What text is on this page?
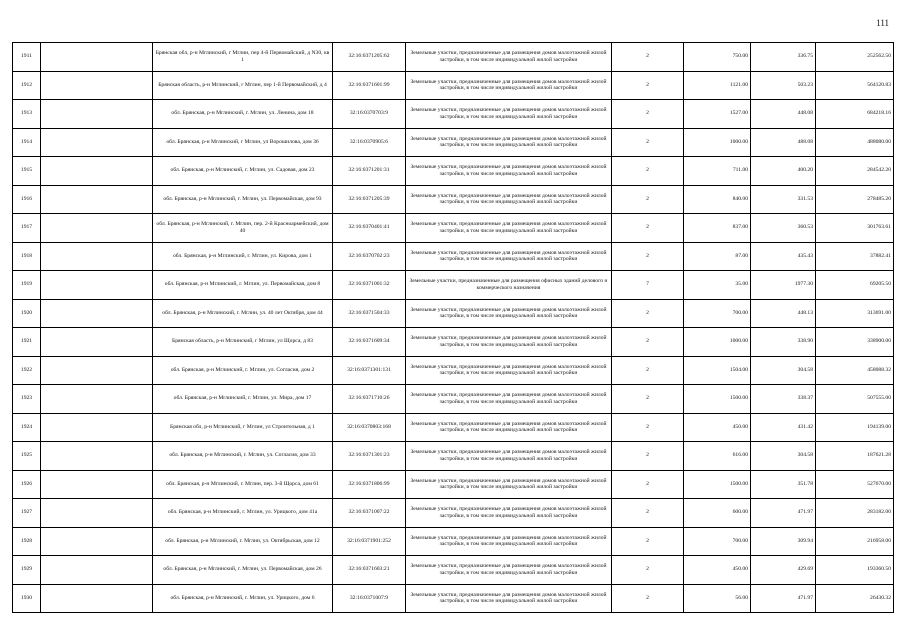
111
1911		Брянская обл, р-н Мглинский, г Мглин, пер 4-й Первомайский, д N30, кв 1	32:16:0371205:62	Земельные участки, предназначенные для размещения домов малоэтажной жилой застройки, в том числе индивидуальной жилой застройки	2	750.00	336.75	252562.50
1912		Брянская область, р-н Мглинский, г Мглин, пер 1-й Первомайский, д 4	32:16:0371601:99	Земельные участки, предназначенные для размещения домов малоэтажной жилой застройки, в том числе индивидуальной жилой застройки	2	1121.00	503.23	564120.83
1913		обл. Брянская, р-н Мглинский, г. Мглин, ул. Ленина, дом 18	32:16:0370703:9	Земельные участки, предназначенные для размещения домов малоэтажной жилой застройки, в том числе индивидуальной жилой застройки	2	1527.00	448.08	684218.16
1914		обл. Брянская, р-н Мглинский, г Мглин, ул Ворошилова, дом 36	32:16:0370905:6	Земельные участки, предназначенные для размещения домов малоэтажной жилой застройки, в том числе индивидуальной жилой застройки	2	1000.00	488.08	488080.00
1915		обл. Брянская, р-н Мглинский, г. Мглин, ул. Садовая, дом 23	32:16:0371201:31	Земельные участки, предназначенные для размещения домов малоэтажной жилой застройки, в том числе индивидуальной жилой застройки	2	711.00	400.20	284542.20
1916		обл. Брянская, р-н Мглинский, г. Мглин, ул. Первомайская, дом 93	32:16:0371205:39	Земельные участки, предназначенные для размещения домов малоэтажной жилой застройки, в том числе индивидуальной жилой застройки	2	840.00	331.53	278485.20
1917		обл. Брянская, р-н Мглинский, г. Мглин, пер. 2-й Красноармейский, дом 40	32:16:0370401:41	Земельные участки, предназначенные для размещения домов малоэтажной жилой застройки, в том числе индивидуальной жилой застройки	2	837.00	360.53	301763.61
1918		обл. Брянская, р-н Мглинский, г. Мглин, ул. Кирова, дом 1	32:16:0370702:23	Земельные участки, предназначенные для размещения домов малоэтажной жилой застройки, в том числе индивидуальной жилой застройки	2	87.00	435.43	37882.41
1919		обл. Брянская, р-н Мглинский, г. Мглин, ул. Первомайская, дом 8	32:16:0371001:32	Земельные участки, предназначенные для размещения офисных зданий делового и коммерческого назначения	7	35.00	1977.30	69205.50
1920		обл. Брянская, р-н Мглинский, г. Мглин, ул. 40 лет Октября, дом 44	32:16:0371504:33	Земельные участки, предназначенные для размещения домов малоэтажной жилой застройки, в том числе индивидуальной жилой застройки	2	700.00	448.13	313691.00
1921		Брянская область, р-н Мглинский, г Мглин, ул Щорса, д 83	32:16:0371609:34	Земельные участки, предназначенные для размещения домов малоэтажной жилой застройки, в том числе индивидуальной жилой застройки	2	1000.00	338.90	338900.00
1922		обл. Брянская, р-н Мглинский, г. Мглин, ул. Согласия, дом 2	32:16:0371301:131	Земельные участки, предназначенные для размещения домов малоэтажной жилой застройки, в том числе индивидуальной жилой застройки	2	1504.00	304.58	458088.32
1923		обл. Брянская, р-н Мглинский, г. Мглин, ул. Мира, дом 17	32:16:0371710:26	Земельные участки, предназначенные для размещения домов малоэтажной жилой застройки, в том числе индивидуальной жилой застройки	2	1500.00	338.37	507555.00
1924		Брянская обл, р-н Мглинский, г Мглин, ул Строительная, д 1	32:16:0370803:168	Земельные участки, предназначенные для размещения домов малоэтажной жилой застройки, в том числе индивидуальной жилой застройки	2	450.00	431.42	194139.00
1925		обл. Брянская, р-н Мглинский, г. Мглин, ул. Согласия, дом 33	32:16:0371301:23	Земельные участки, предназначенные для размещения домов малоэтажной жилой застройки, в том числе индивидуальной жилой застройки	2	616.00	304.58	187621.28
1926		обл. Брянская, р-н Мглинский, г. Мглин, пер. 3-й Щорса, дом 61	32:16:0371806:99	Земельные участки, предназначенные для размещения домов малоэтажной жилой застройки, в том числе индивидуальной жилой застройки	2	1500.00	351.78	527670.00
1927		обл. Брянская, р-н Мглинский, г. Мглин, ул. Урицкого, дом 41а	32:16:0371007:22	Земельные участки, предназначенные для размещения домов малоэтажной жилой застройки, в том числе индивидуальной жилой застройки	2	600.00	471.97	283182.00
1928		обл. Брянская, р-н Мглинский, г. Мглин, ул. Октябрьская, дом 12	32:16:0371901:252	Земельные участки, предназначенные для размещения домов малоэтажной жилой застройки, в том числе индивидуальной жилой застройки	2	700.00	309.94	216958.00
1929		обл. Брянская, р-н Мглинский, г. Мглин, ул. Первомайская, дом 26	32:16:0371603:21	Земельные участки, предназначенные для размещения домов малоэтажной жилой застройки, в том числе индивидуальной жилой застройки	2	450.00	429.69	193360.50
1930		обл. Брянская, р-н Мглинский, г. Мглин, ул. Урицкого, дом 6	32:16:0371007:9	Земельные участки, предназначенные для размещения домов малоэтажной жилой застройки, в том числе индивидуальной жилой застройки	2	56.00	471.97	26430.32
